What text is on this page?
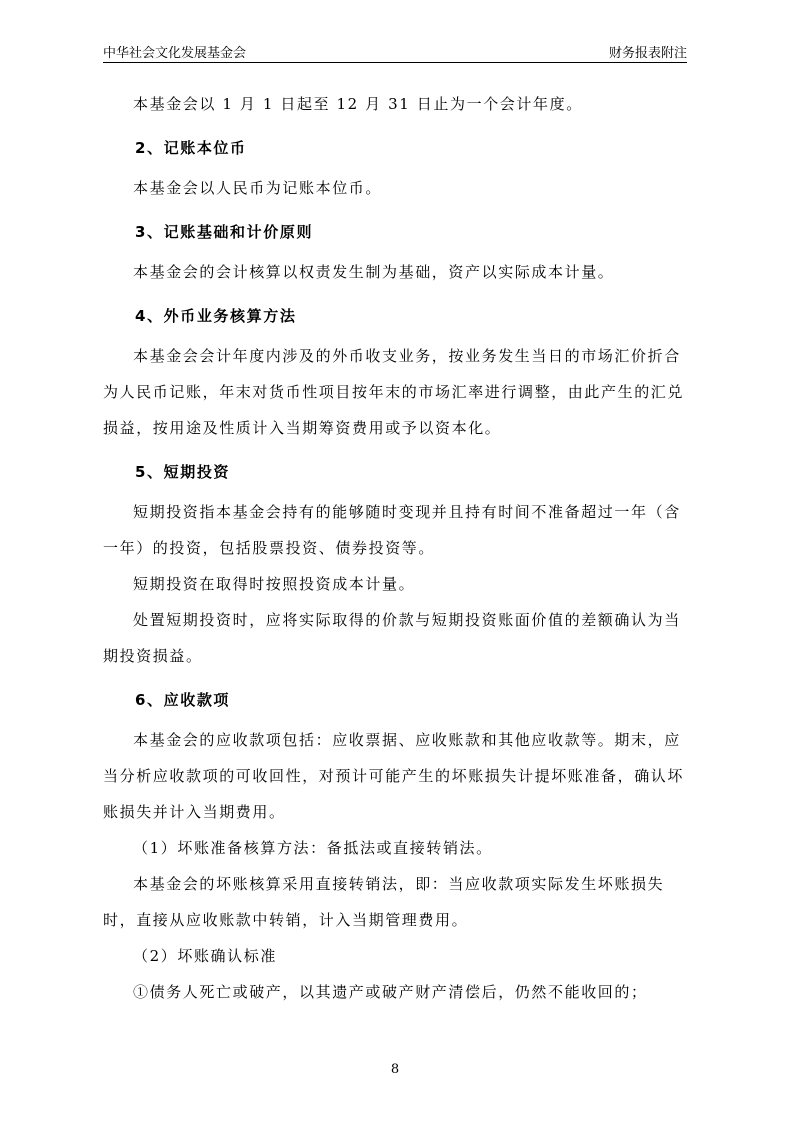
中华社会文化发展基金会	财务报表附注

本基金会以 1 月 1 日起至 12 月 31 日止为一个会计年度。

2、记账本位币

本基金会以人民币为记账本位币。

3、记账基础和计价原则

本基金会的会计核算以权责发生制为基础，资产以实际成本计量。

4、外币业务核算方法

本基金会会计年度内涉及的外币收支业务，按业务发生当日的市场汇价折合为人民币记账，年末对货币性项目按年末的市场汇率进行调整，由此产生的汇兑损益，按用途及性质计入当期筹资费用或予以资本化。

5、短期投资

短期投资指本基金会持有的能够随时变现并且持有时间不准备超过一年（含一年）的投资，包括股票投资、债券投资等。

短期投资在取得时按照投资成本计量。

处置短期投资时，应将实际取得的价款与短期投资账面价值的差额确认为当期投资损益。

6、应收款项

本基金会的应收款项包括：应收票据、应收账款和其他应收款等。期末，应当分析应收款项的可收回性，对预计可能产生的坏账损失计提坏账准备，确认坏账损失并计入当期费用。

（1）坏账准备核算方法：备抵法或直接转销法。

本基金会的坏账核算采用直接转销法，即：当应收款项实际发生坏账损失时，直接从应收账款中转销，计入当期管理费用。

（2）坏账确认标准

①债务人死亡或破产，以其遗产或破产财产清偿后，仍然不能收回的；

8
